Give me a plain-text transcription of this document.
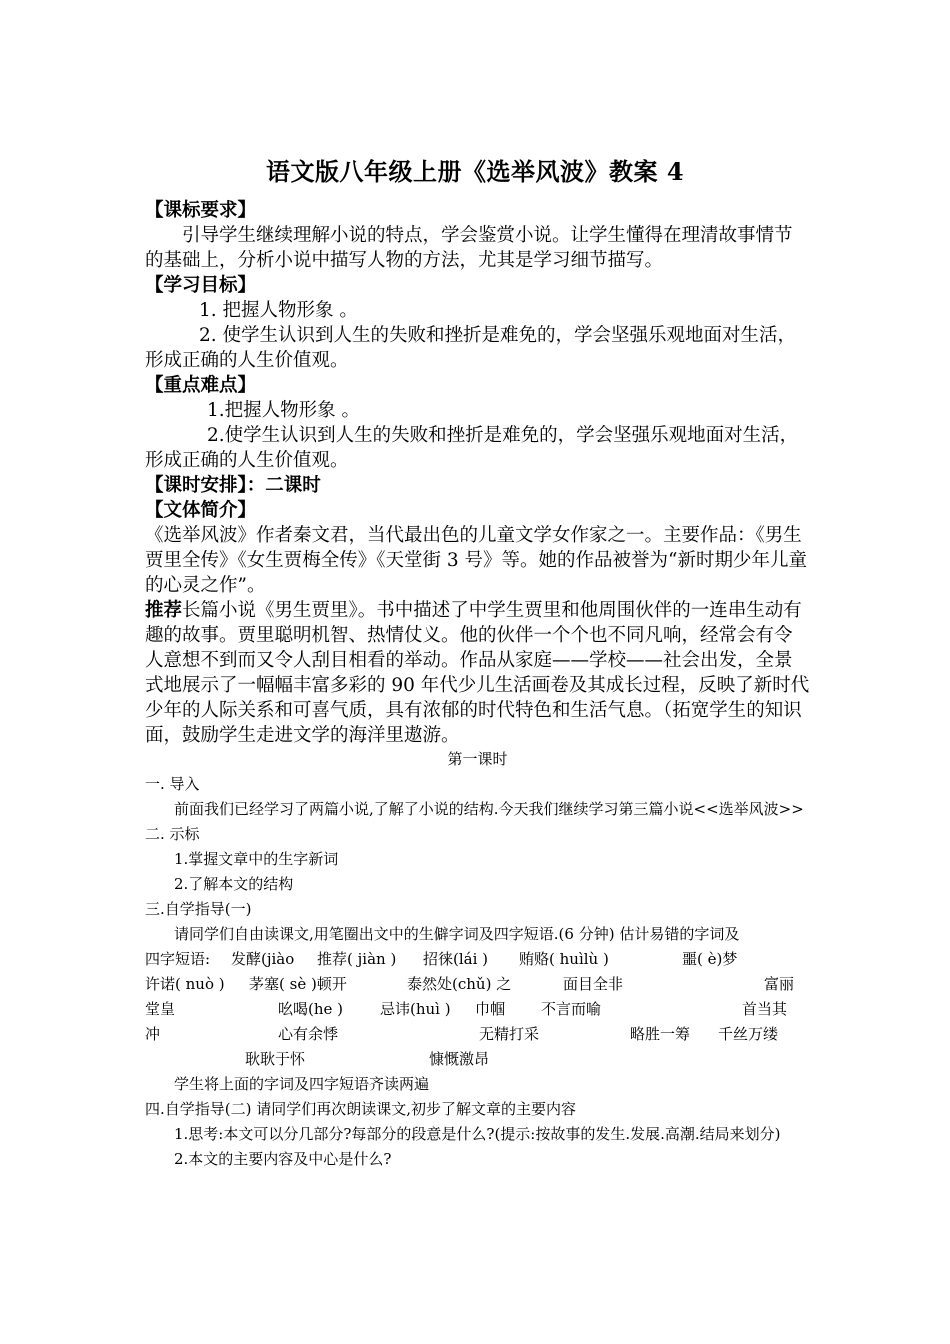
语文版八年级上册《选举风波》教案 4

【课标要求】

引导学生继续理解小说的特点，学会鉴赏小说。让学生懂得在理清故事情节的基础上，分析小说中描写人物的方法，尤其是学习细节描写。

【学习目标】

1. 把握人物形象 。

2. 使学生认识到人生的失败和挫折是难免的，学会坚强乐观地面对生活，形成正确的人生价值观。

【重点难点】

1.把握人物形象 。

2.使学生认识到人生的失败和挫折是难免的，学会坚强乐观地面对生活，形成正确的人生价值观。

【课时安排】：二课时

【文体简介】

《选举风波》作者秦文君，当代最出色的儿童文学女作家之一。主要作品：《男生贾里全传》《女生贾梅全传》《天堂街 3 号》等。她的作品被誉为“新时期少年儿童的心灵之作”。

推荐长篇小说《男生贾里》。书中描述了中学生贾里和他周围伙伴的一连串生动有趣的故事。贾里聪明机智、热情仗义。他的伙伴一个个也不同凡响，经常会有令人意想不到而又令人刮目相看的举动。作品从家庭——学校——社会出发，全景式地展示了一幅幅丰富多彩的 90 年代少儿生活画卷及其成长过程，反映了新时代少年的人际关系和可喜气质，具有浓郁的时代特色和生活气息。（拓宽学生的知识面，鼓励学生走进文学的海洋里遨游。

第一课时

一. 导入

前面我们已经学习了两篇小说,了解了小说的结构.今天我们继续学习第三篇小说<<选举风波>>

二. 示标

1.掌握文章中的生字新词

2.了解本文的结构

三.自学指导(一)

请同学们自由读课文,用笔圈出文中的生僻字词及四字短语.(6 分钟) 估计易错的字词及

四字短语: 发酵(jiào 推荐( jiàn ) 招徕(lái ) 贿赂( huìlù )	噩( è)梦
许诺( nuò ) 茅塞( sè )顿开	泰然处(chǔ) 之	面目全非	富丽
堂皇	吆喝(he ) 忌讳(huì ) 巾帼 不言而喻	首当其
冲	心有余悸	无精打采	略胜一筹 千丝万缕
耿耿于怀	慷慨激昂

学生将上面的字词及四字短语齐读两遍

四.自学指导(二) 请同学们再次朗读课文,初步了解文章的主要内容

1.思考:本文可以分几部分?每部分的段意是什么?(提示:按故事的发生.发展.高潮.结局来划分)

2.本文的主要内容及中心是什么?
